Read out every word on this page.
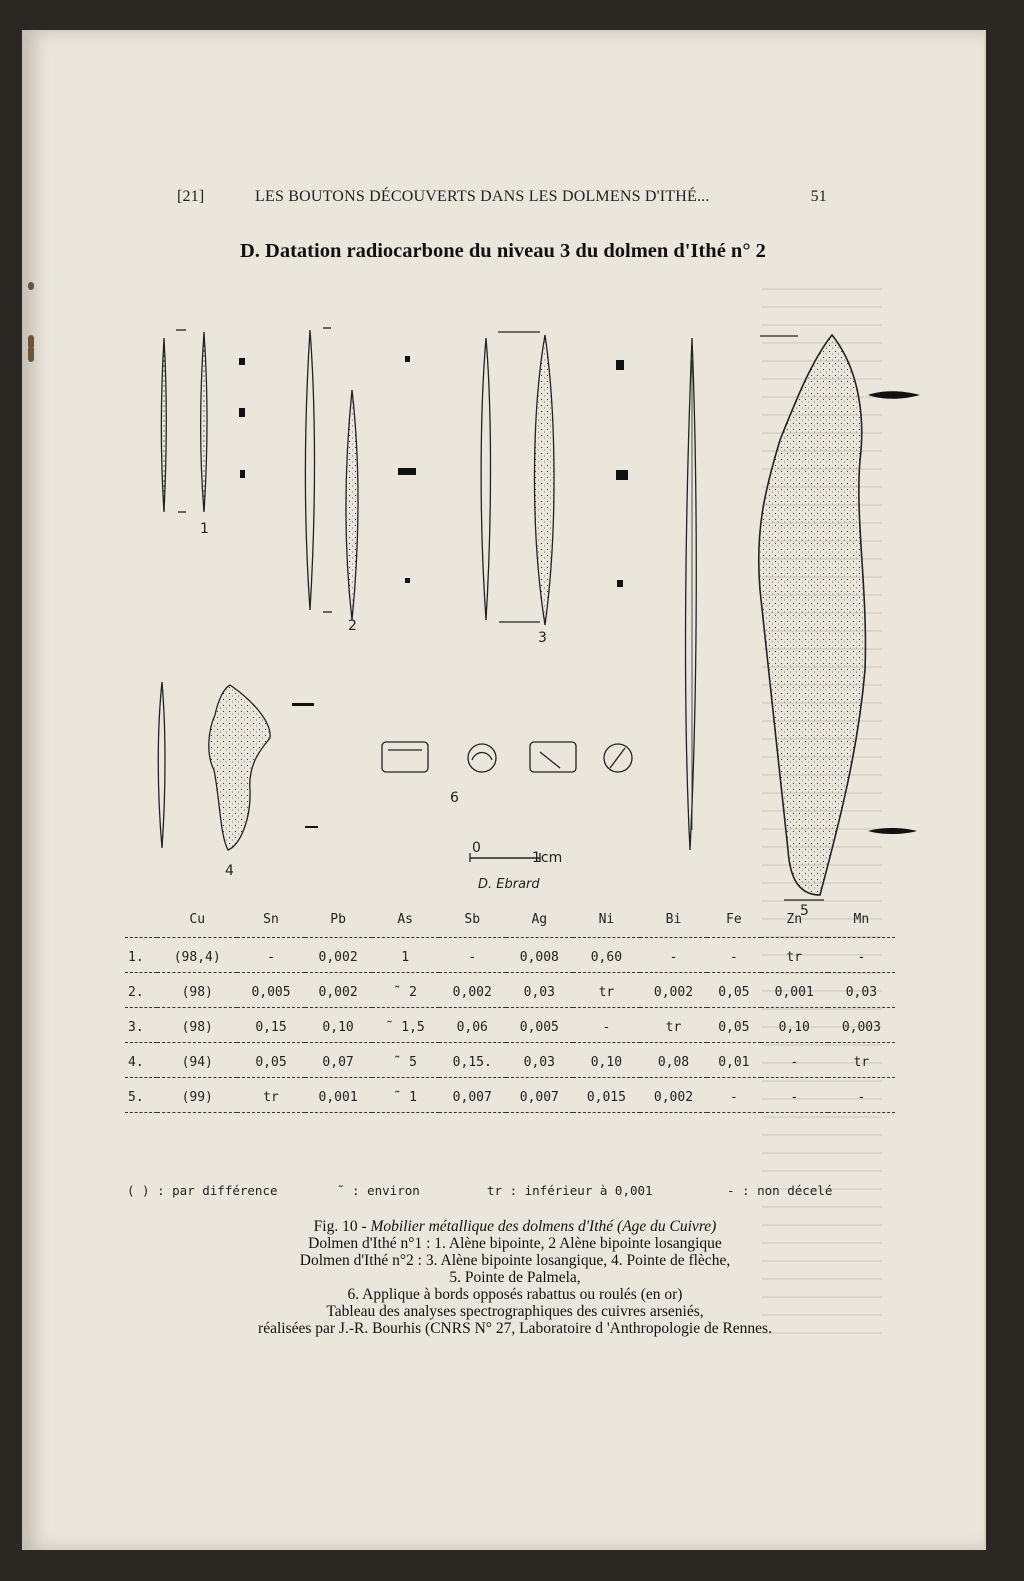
[21]	LES BOUTONS DÉCOUVERTS DANS LES DOLMENS D'ITHÉ...	51
D. Datation radiocarbone du niveau 3 du dolmen d'Ithé n° 2
1
2
3
4
5
6
0
1cm
D. Ebrard
	Cu	Sn	Pb	As	Sb	Ag	Ni	Bi	Fe	Zn	Mn
1.	(98,4)	-	0,002	1	-	0,008	0,60	-	-	tr	-
2.	(98)	0,005	0,002	˜ 2	0,002	0,03	tr	0,002	0,05	0,001	0,03
3.	(98)	0,15	0,10	˜ 1,5	0,06	0,005	-	tr	0,05	0,10	0,003
4.	(94)	0,05	0,07	˜ 5	0,15.	0,03	0,10	0,08	0,01	-	tr
5.	(99)	tr	0,001	˜ 1	0,007	0,007	0,015	0,002	-	-	-
( ) : par différence	˜ : environ	tr : inférieur à 0,001	- : non décelé
Fig. 10 - Mobilier métallique des dolmens d'Ithé (Age du Cuivre)
Dolmen d'Ithé n°1 : 1. Alène bipointe, 2 Alène bipointe losangique
Dolmen d'Ithé n°2 : 3. Alène bipointe losangique, 4. Pointe de flèche,
5. Pointe de Palmela,
6. Applique à bords opposés rabattus ou roulés (en or)
Tableau des analyses spectrographiques des cuivres arseniés,
réalisées par J.-R. Bourhis (CNRS N° 27, Laboratoire d 'Anthropologie de Rennes.
